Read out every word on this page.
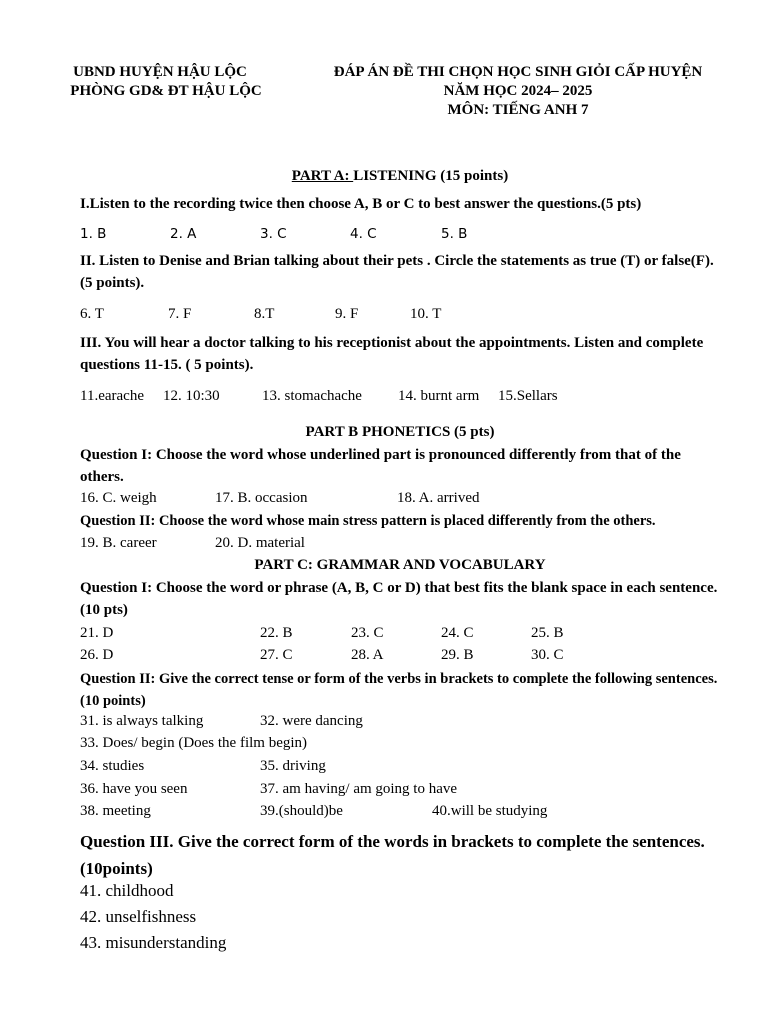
UBND HUYỆN HẬU LỘC
PHÒNG GD& ĐT HẬU LỘC
ĐÁP ÁN ĐỀ THI CHỌN HỌC SINH GIỎI CẤP HUYỆN
NĂM HỌC 2024– 2025
MÔN: TIẾNG ANH 7
PART A: LISTENING (15 points)
I.Listen to the recording twice then choose A, B or C to best answer the questions.(5 pts)
1. B	2. A	3. C	4. C	5. B
II. Listen to Denise and Brian talking about their pets . Circle the statements as true (T) or false(F). (5 points).
6. T	7. F	8.T	9. F	10. T
III. You will hear a doctor talking to his receptionist about the appointments. Listen and complete questions 11-15. ( 5 points).
11.earache 12. 10:30	13. stomachache 14. burnt arm 15.Sellars
PART B PHONETICS (5 pts)
Question I: Choose the word whose underlined part is pronounced differently from that of the others.
16. C. weigh	17. B. occasion	18. A. arrived
Question II: Choose the word whose main stress pattern is placed differently from the others.
19. B. career	20. D. material
PART C: GRAMMAR AND VOCABULARY
Question I: Choose the word or phrase (A, B, C or D) that best fits the blank space in each sentence. (10 pts)
21. D	22. B	23. C	24. C	25. B
26. D	27. C	28. A	29. B	30. C
Question II: Give the correct tense or form of the verbs in brackets to complete the following sentences. (10 points)
31. is always talking	32. were dancing
33. Does/ begin (Does the film begin)
34. studies	35. driving
36. have you seen	37. am having/ am going to have
38. meeting	39.(should)be	40.will be studying
Question III. Give the correct form of the words in brackets to complete the sentences.(10points)
41. childhood
42. unselfishness
43. misunderstanding
